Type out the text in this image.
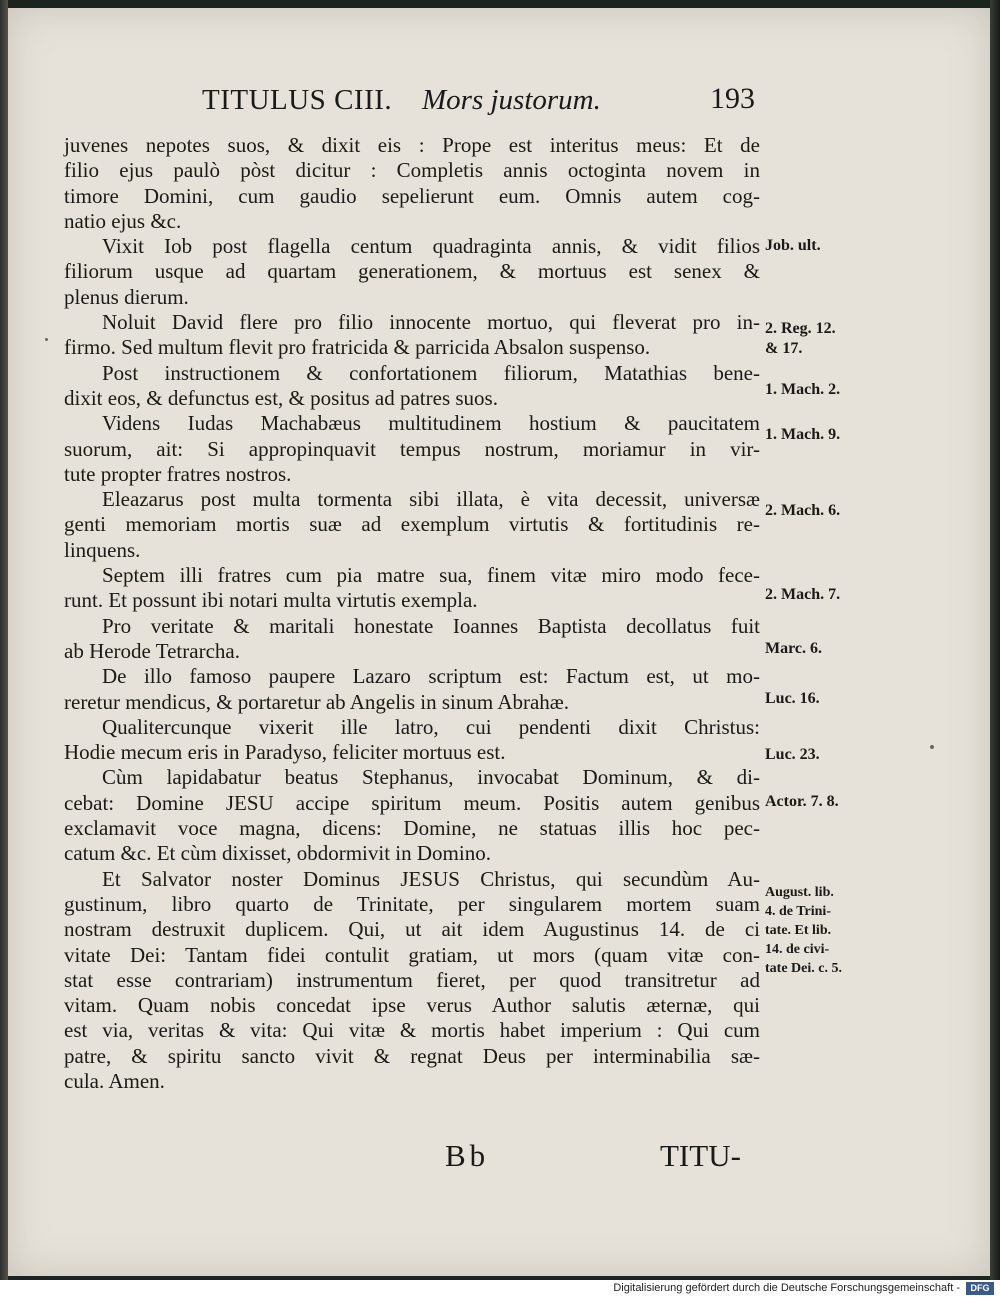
TITULUS CIII. Mors justorum.	193
juvenes nepotes suos, & dixit eis : Prope est interitus meus: Et de
filio ejus paulò pòst dicitur : Completis annis octoginta novem in
timore Domini, cum gaudio sepelierunt eum. Omnis autem cog-
natio ejus &c.
Vixit Iob post flagella centum quadraginta annis, & vidit filios
filiorum usque ad quartam generationem, & mortuus est senex &
plenus dierum.
Noluit David flere pro filio innocente mortuo, qui fleverat pro in-
firmo. Sed multum flevit pro fratricida & parricida Absalon suspenso.
Post instructionem & confortationem filiorum, Matathias bene-
dixit eos, & defunctus est, & positus ad patres suos.
Videns Iudas Machabæus multitudinem hostium & paucitatem
suorum, ait: Si appropinquavit tempus nostrum, moriamur in vir-
tute propter fratres nostros.
Eleazarus post multa tormenta sibi illata, è vita decessit, universæ
genti memoriam mortis suæ ad exemplum virtutis & fortitudinis re-
linquens.
Septem illi fratres cum pia matre sua, finem vitæ miro modo fece-
runt. Et possunt ibi notari multa virtutis exempla.
Pro veritate & maritali honestate Ioannes Baptista decollatus fuit
ab Herode Tetrarcha.
De illo famoso paupere Lazaro scriptum est: Factum est, ut mo-
reretur mendicus, & portaretur ab Angelis in sinum Abrahæ.
Qualitercunque vixerit ille latro, cui pendenti dixit Christus:
Hodie mecum eris in Paradyso, feliciter mortuus est.
Cùm lapidabatur beatus Stephanus, invocabat Dominum, & di-
cebat: Domine JESU accipe spiritum meum. Positis autem genibus
exclamavit voce magna, dicens: Domine, ne statuas illis hoc pec-
catum &c. Et cùm dixisset, obdormivit in Domino.
Et Salvator noster Dominus JESUS Christus, qui secundùm Au-
gustinum, libro quarto de Trinitate, per singularem mortem suam
nostram destruxit duplicem. Qui, ut ait idem Augustinus 14. de ci
vitate Dei: Tantam fidei contulit gratiam, ut mors (quam vitæ con-
stat esse contrariam) instrumentum fieret, per quod transitretur ad
vitam. Quam nobis concedat ipse verus Author salutis æternæ, qui
est via, veritas & vita: Qui vitæ & mortis habet imperium : Qui cum
patre, & spiritu sancto vivit & regnat Deus per interminabilia sæ-
cula. Amen.
Job. ult.
2. Reg. 12.
& 17.
1. Mach. 2.
1. Mach. 9.
2. Mach. 6.
2. Mach. 7.
Marc. 6.
Luc. 16.
Luc. 23.
Actor. 7. 8.
August. lib.
4. de Trini-
tate. Et lib.
14. de civi-
tate Dei. c. 5.
Bb	TITU-
Digitalisierung gefördert durch die Deutsche Forschungsgemeinschaft -	DFG
